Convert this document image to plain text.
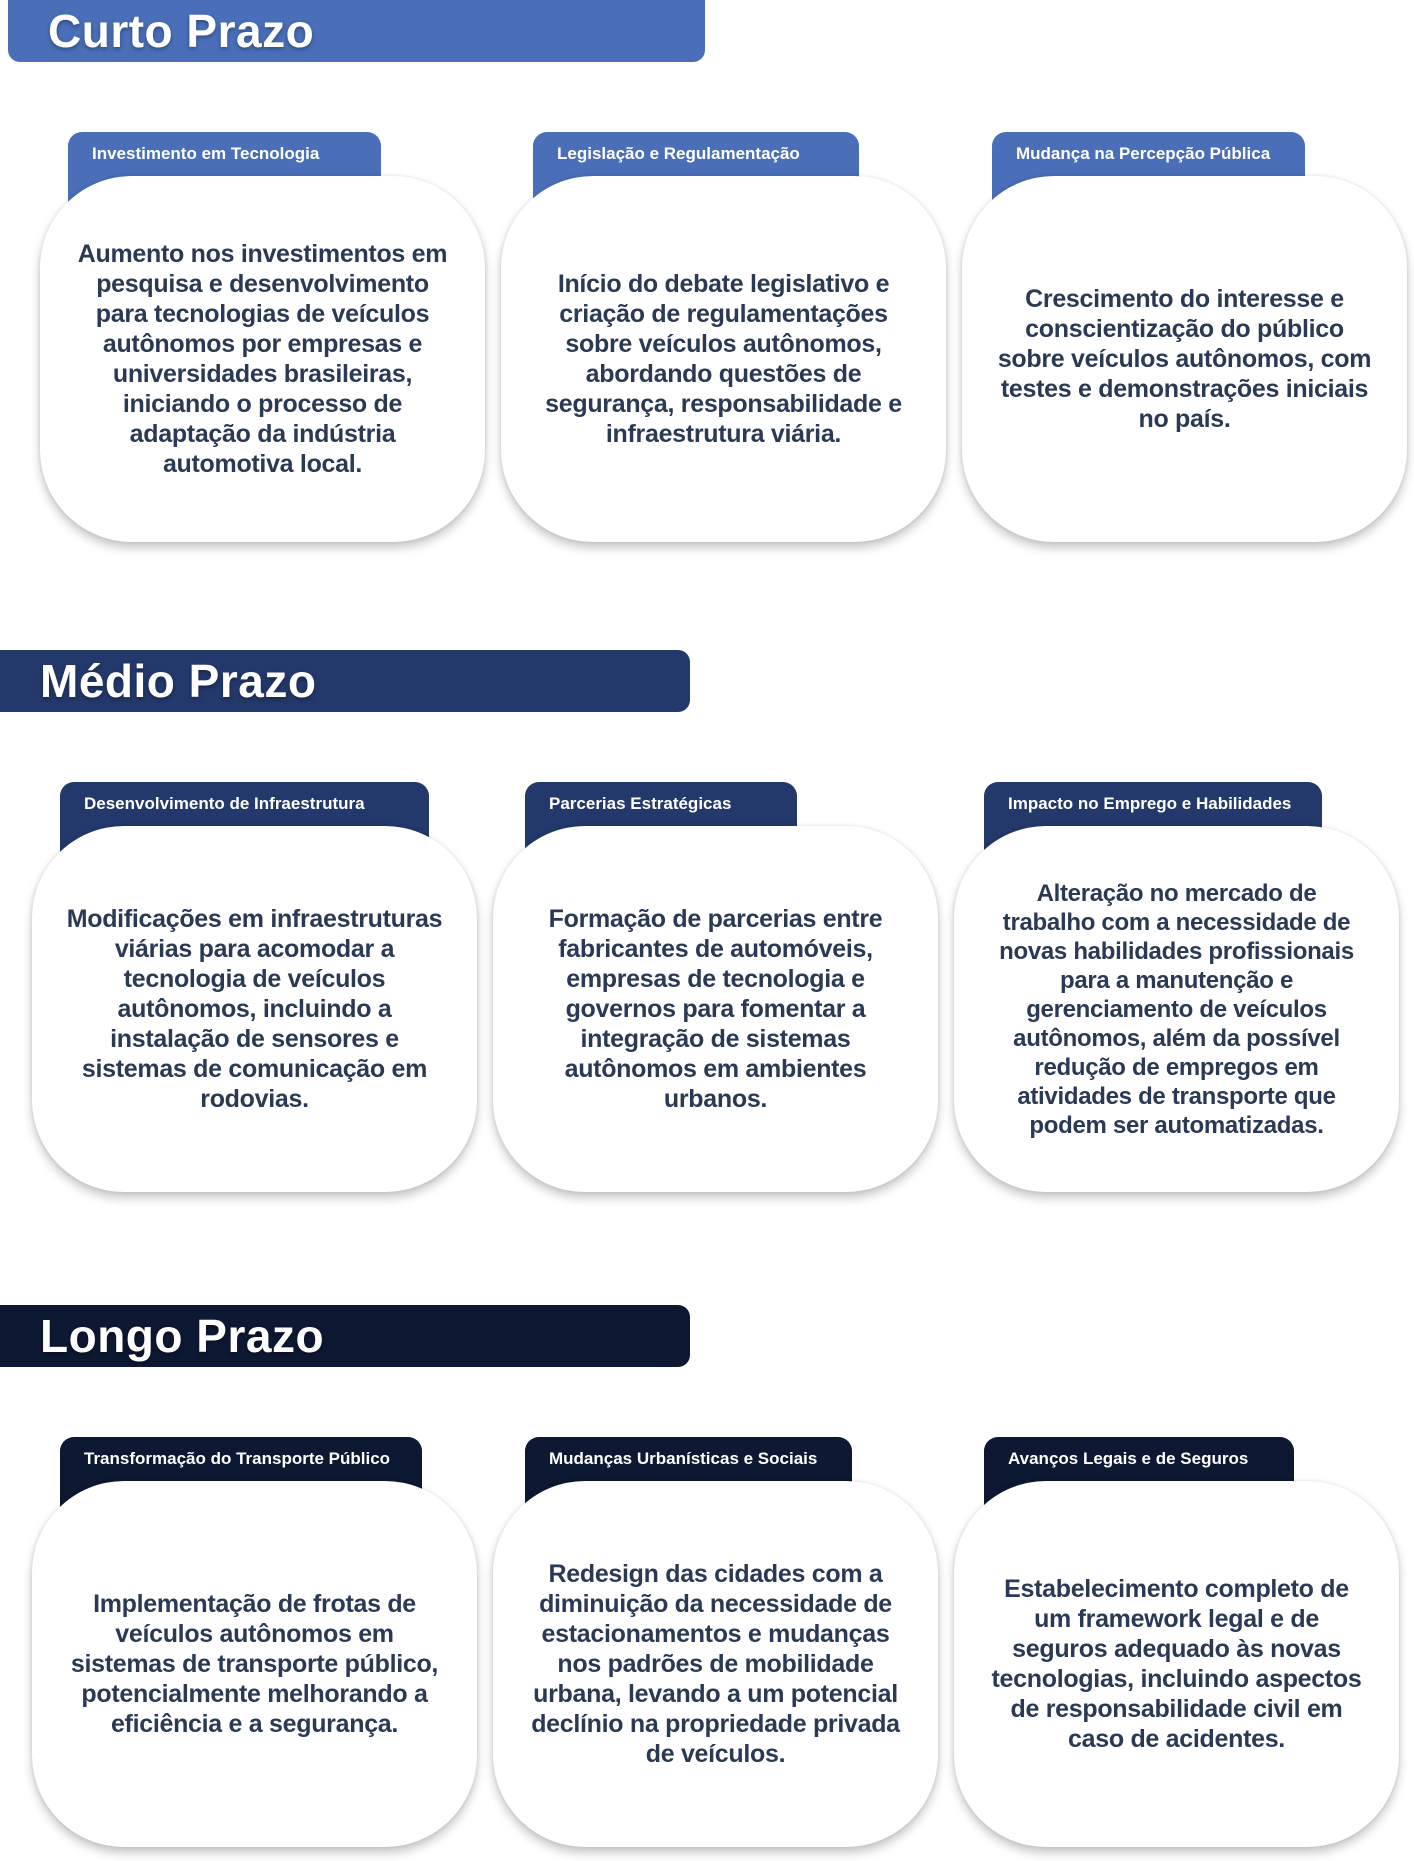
Curto Prazo
Investimento em Tecnologia
Aumento nos investimentos em pesquisa e desenvolvimento para tecnologias de veículos autônomos por empresas e universidades brasileiras, iniciando o processo de adaptação da indústria automotiva local.
Legislação e Regulamentação
Início do debate legislativo e criação de regulamentações sobre veículos autônomos, abordando questões de segurança, responsabilidade e infraestrutura viária.
Mudança na Percepção Pública
Crescimento do interesse e conscientização do público sobre veículos autônomos, com testes e demonstrações iniciais no país.
Médio Prazo
Desenvolvimento de Infraestrutura
Modificações em infraestruturas viárias para acomodar a tecnologia de veículos autônomos, incluindo a instalação de sensores e sistemas de comunicação em rodovias.
Parcerias Estratégicas
Formação de parcerias entre fabricantes de automóveis, empresas de tecnologia e governos para fomentar a integração de sistemas autônomos em ambientes urbanos.
Impacto no Emprego e Habilidades
Alteração no mercado de trabalho com a necessidade de novas habilidades profissionais para a manutenção e gerenciamento de veículos autônomos, além da possível redução de empregos em atividades de transporte que podem ser automatizadas.
Longo Prazo
Transformação do Transporte Público
Implementação de frotas de veículos autônomos em sistemas de transporte público, potencialmente melhorando a eficiência e a segurança.
Mudanças Urbanísticas e Sociais
Redesign das cidades com a diminuição da necessidade de estacionamentos e mudanças nos padrões de mobilidade urbana, levando a um potencial declínio na propriedade privada de veículos.
Avanços Legais e de Seguros
Estabelecimento completo de um framework legal e de seguros adequado às novas tecnologias, incluindo aspectos de responsabilidade civil em caso de acidentes.
